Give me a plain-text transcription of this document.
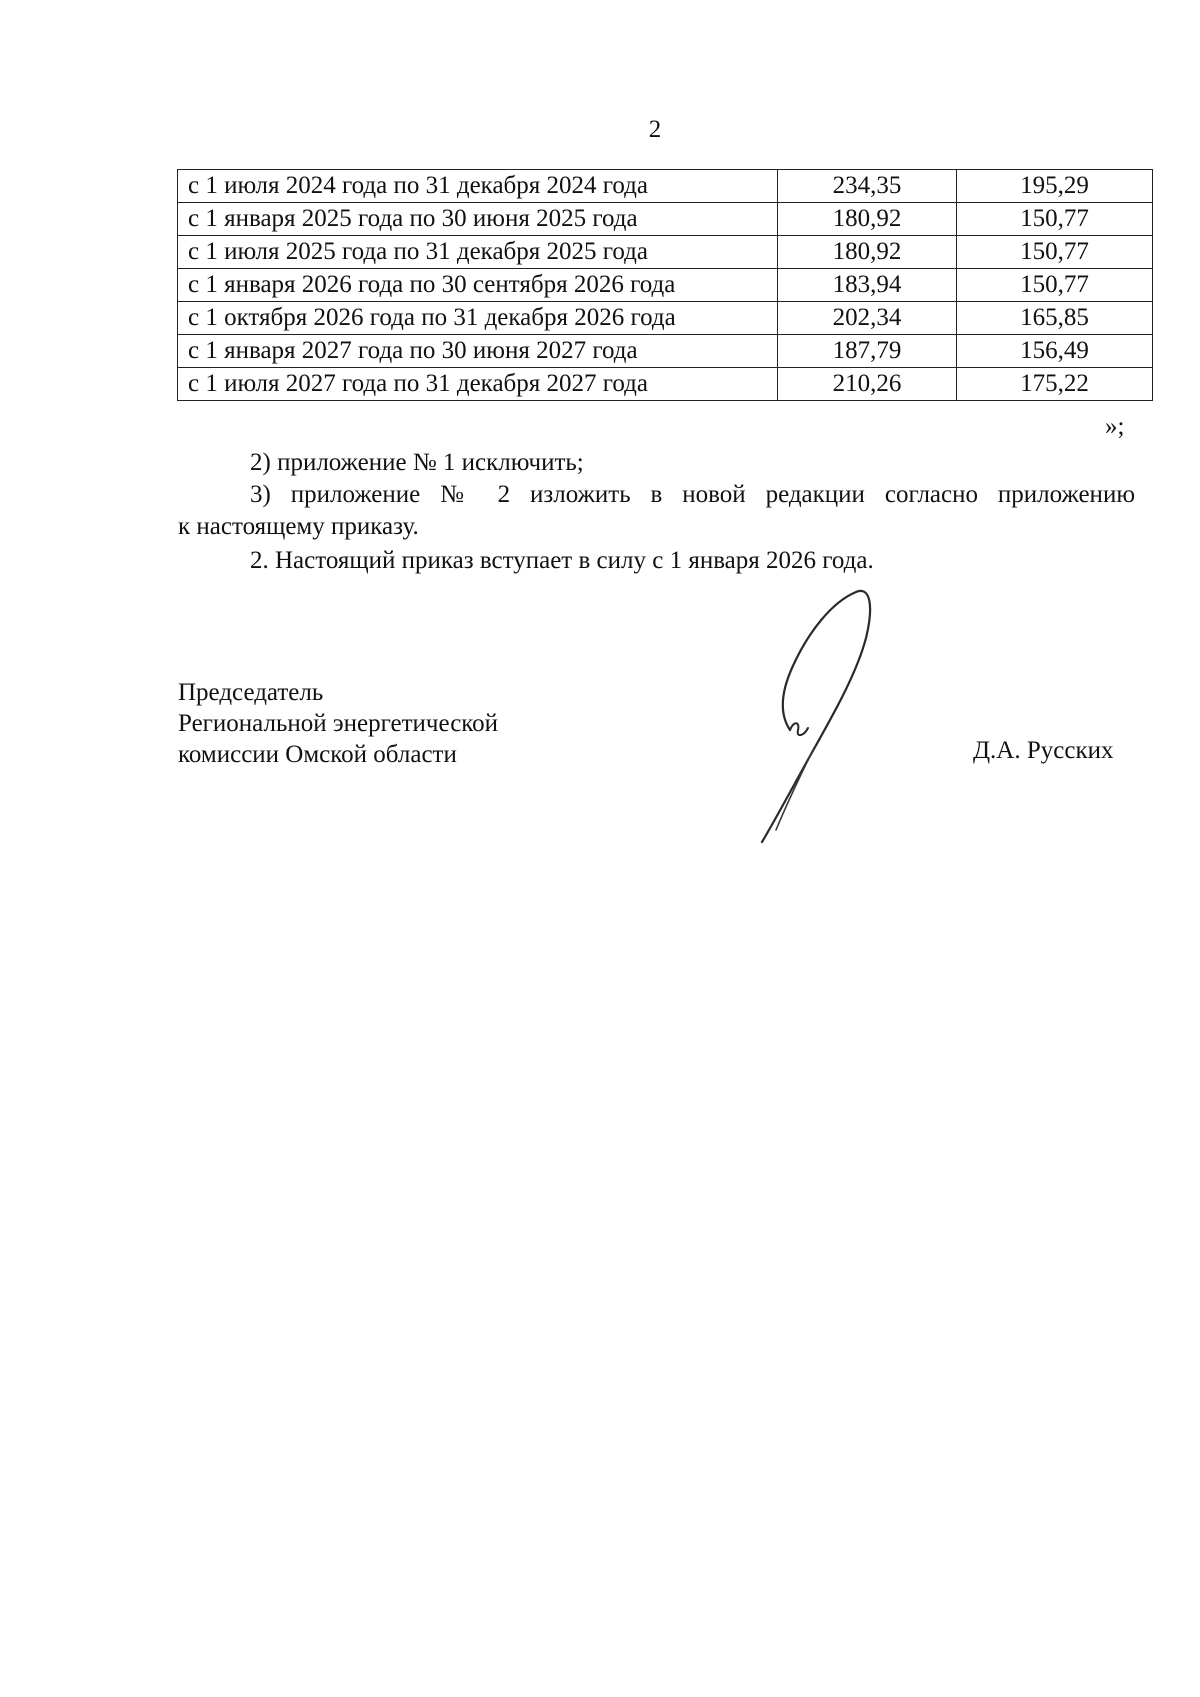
2
с 1 июля 2024 года по 31 декабря 2024 года	234,35	195,29
с 1 января 2025 года по 30 июня 2025 года	180,92	150,77
с 1 июля 2025 года по 31 декабря 2025 года	180,92	150,77
с 1 января 2026 года по 30 сентября 2026 года	183,94	150,77
с 1 октября 2026 года по 31 декабря 2026 года	202,34	165,85
с 1 января 2027 года по 30 июня 2027 года	187,79	156,49
с 1 июля 2027 года по 31 декабря 2027 года	210,26	175,22
»;
2) приложение № 1 исключить;
3) приложение № 2 изложить в новой редакции согласно приложению
к настоящему приказу.
2. Настоящий приказ вступает в силу с 1 января 2026 года.
Председатель
Региональной энергетической
комиссии Омской области	Д.А. Русских
